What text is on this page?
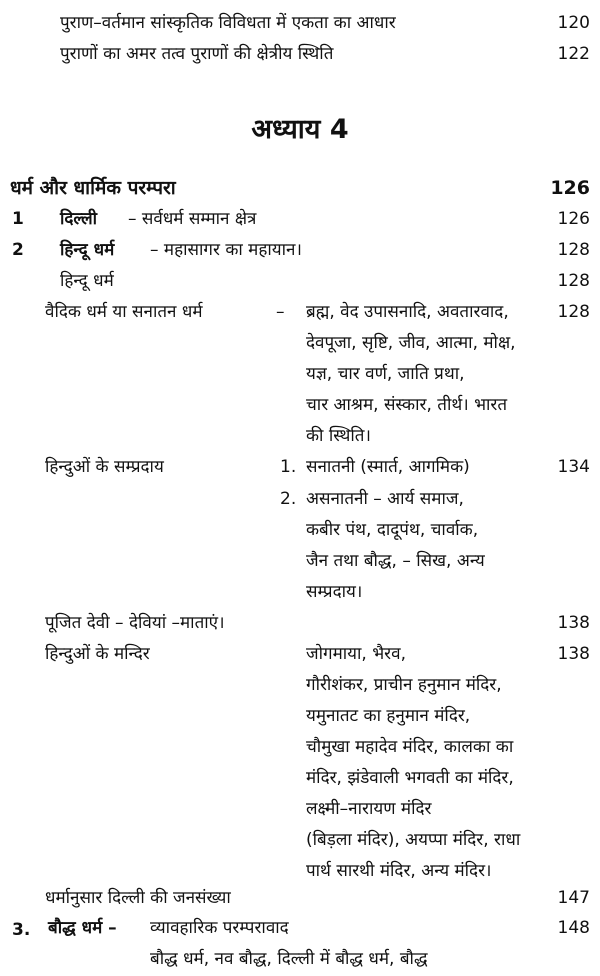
पुराण–वर्तमान सांस्कृतिक विविधता में एकता का आधार	120
पुराणों का अमर तत्व पुराणों की क्षेत्रीय स्थिति	122
अध्याय 4
धर्म और धार्मिक परम्परा	126
1 दिल्ली – सर्वधर्म सम्मान क्षेत्र	126
2 हिन्दू धर्म – महासागर का महायान।	128
हिन्दू धर्म	128
वैदिक धर्म या सनातन धर्म	– ब्रह्म, वेद उपासनादि, अवतारवाद,	128
देवपूजा, सृष्टि, जीव, आत्मा, मोक्ष,
यज्ञ, चार वर्ण, जाति प्रथा,
चार आश्रम, संस्कार, तीर्थ। भारत
की स्थिति।
हिन्दुओं के सम्प्रदाय	1. सनातनी (स्मार्त, आगमिक)	134
2. असनातनी – आर्य समाज,
कबीर पंथ, दादूपंथ, चार्वाक,
जैन तथा बौद्ध, – सिख, अन्य
सम्प्रदाय।
पूजित देवी – देवियां –माताएं।	138
हिन्दुओं के मन्दिर	जोगमाया, भैरव,	138
गौरीशंकर, प्राचीन हनुमान मंदिर,
यमुनातट का हनुमान मंदिर,
चौमुखा महादेव मंदिर, कालका का
मंदिर, झंडेवाली भगवती का मंदिर,
लक्ष्मी–नारायण मंदिर
(बिड़ला मंदिर), अयप्पा मंदिर, राधा
पार्थ सारथी मंदिर, अन्य मंदिर।
धर्मानुसार दिल्ली की जनसंख्या	147
3. बौद्ध धर्म – व्यावहारिक परम्परावाद	148
बौद्ध धर्म, नव बौद्ध, दिल्ली में बौद्ध धर्म, बौद्ध
